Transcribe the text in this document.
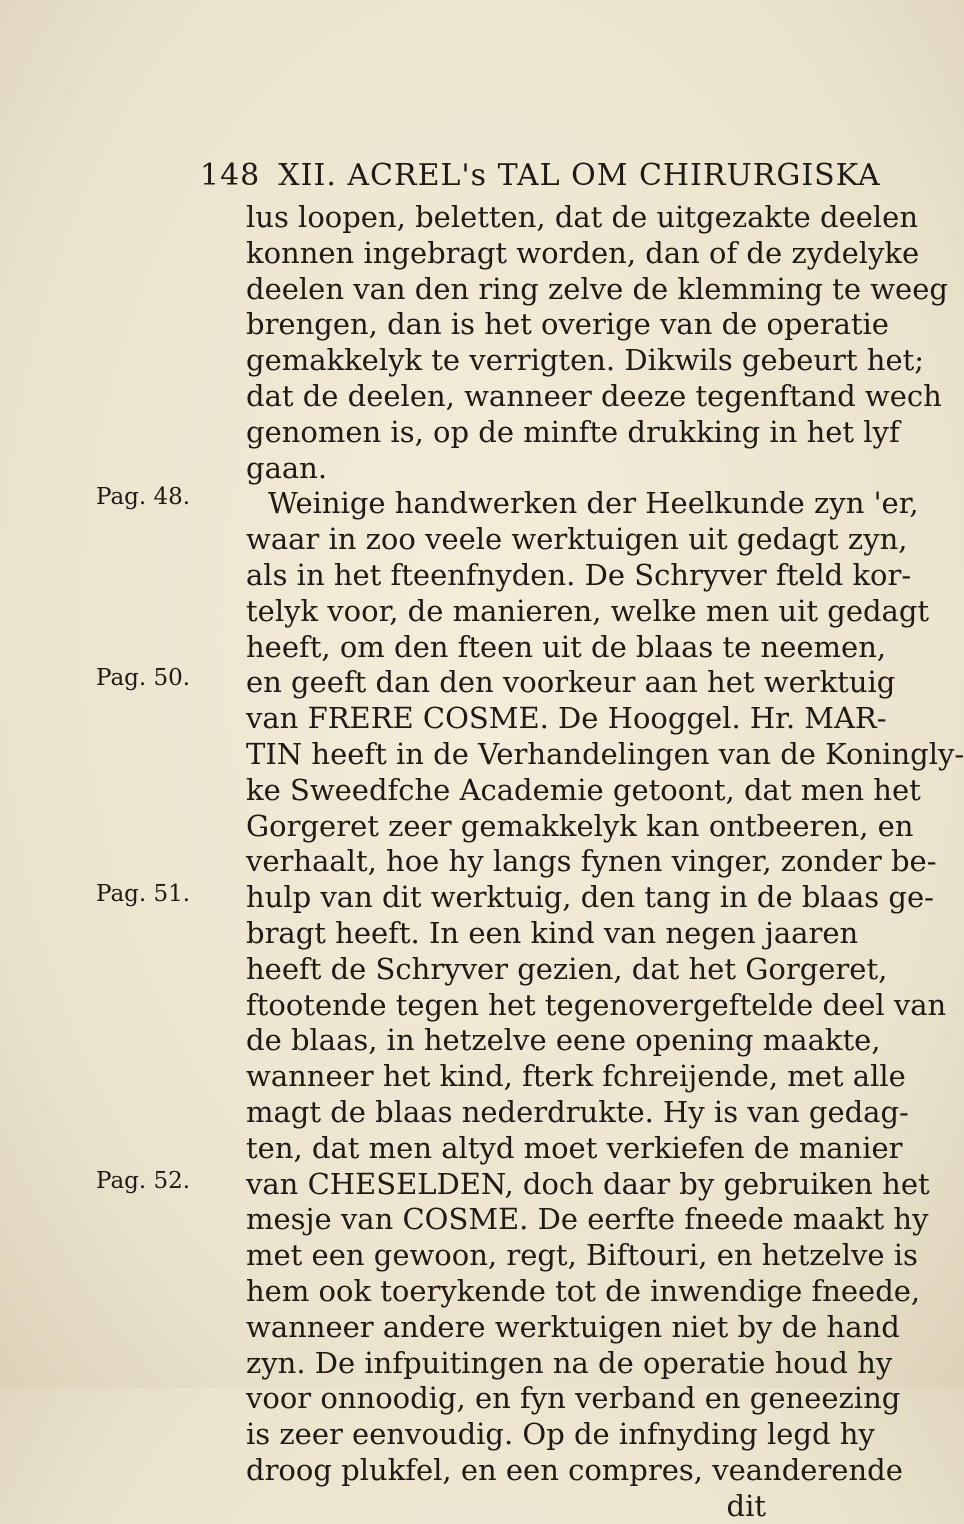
148 XII. ACREL's TAL OM CHIRURGISKA
lus loopen, beletten, dat de uitgezakte deelen
konnen ingebragt worden, dan of de zydelyke
deelen van den ring zelve de klemming te weeg
brengen, dan is het overige van de operatie
gemakkelyk te verrigten. Dikwils gebeurt het;
dat de deelen, wanneer deeze tegenftand wech
genomen is, op de minfte drukking in het lyf
gaan.
Weinige handwerken der Heelkunde zyn 'er,
waar in zoo veele werktuigen uit gedagt zyn,
als in het fteenfnyden. De Schryver fteld kor-
telyk voor, de manieren, welke men uit gedagt
heeft, om den fteen uit de blaas te neemen,
en geeft dan den voorkeur aan het werktuig
van FRERE COSME. De Hooggel. Hr. MAR-
TIN heeft in de Verhandelingen van de Koningly-
ke Sweedfche Academie getoont, dat men het
Gorgeret zeer gemakkelyk kan ontbeeren, en
verhaalt, hoe hy langs fynen vinger, zonder be-
hulp van dit werktuig, den tang in de blaas ge-
bragt heeft. In een kind van negen jaaren
heeft de Schryver gezien, dat het Gorgeret,
ftootende tegen het tegenovergeftelde deel van
de blaas, in hetzelve eene opening maakte,
wanneer het kind, fterk fchreijende, met alle
magt de blaas nederdrukte. Hy is van gedag-
ten, dat men altyd moet verkiefen de manier
van CHESELDEN, doch daar by gebruiken het
mesje van COSME. De eerfte fneede maakt hy
met een gewoon, regt, Biftouri, en hetzelve is
hem ook toerykende tot de inwendige fneede,
wanneer andere werktuigen niet by de hand
zyn. De infpuitingen na de operatie houd hy
voor onnoodig, en fyn verband en geneezing
is zeer eenvoudig. Op de infnyding legd hy
droog plukfel, en een compres, veanderende
dit
Pag. 48.
Pag. 50.
Pag. 51.
Pag. 52.
